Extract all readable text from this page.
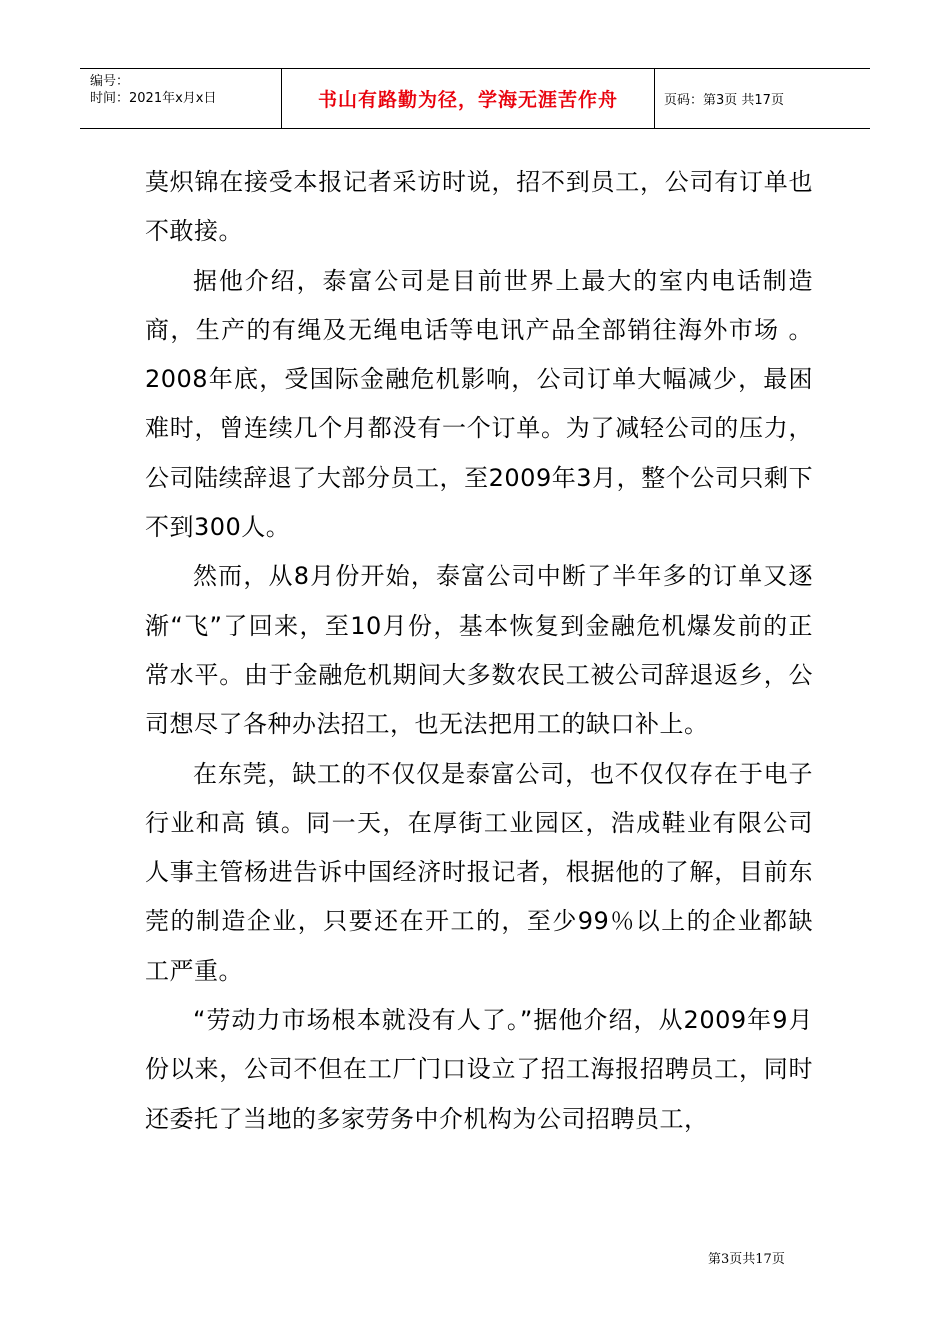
编号：
时间：2021年x月x日	书山有路勤为径，学海无涯苦作舟	页码：第3页 共17页

莫炽锦在接受本报记者采访时说，招不到员工，公司有订单也不敢接。

据他介绍，泰富公司是目前世界上最大的室内电话制造商，生产的有绳及无绳电话等电讯产品全部销往海外市场 。2008年底，受国际金融危机影响，公司订单大幅减少，最困难时，曾连续几个月都没有一个订单。为了减轻公司的压力，公司陆续辞退了大部分员工，至2009年3月，整个公司只剩下不到300人。

然而，从8月份开始，泰富公司中断了半年多的订单又逐渐“飞”了回来，至10月份，基本恢复到金融危机爆发前的正常水平。由于金融危机期间大多数农民工被公司辞退返乡，公司想尽了各种办法招工，也无法把用工的缺口补上。

在东莞，缺工的不仅仅是泰富公司，也不仅仅存在于电子行业和高 镇。同一天，在厚街工业园区，浩成鞋业有限公司人事主管杨进告诉中国经济时报记者，根据他的了解，目前东莞的制造企业，只要还在开工的，至少99％以上的企业都缺工严重。

“劳动力市场根本就没有人了。”据他介绍，从2009年9月份以来，公司不但在工厂门口设立了招工海报招聘员工，同时还委托了当地的多家劳务中介机构为公司招聘员工，

第3页共17页
